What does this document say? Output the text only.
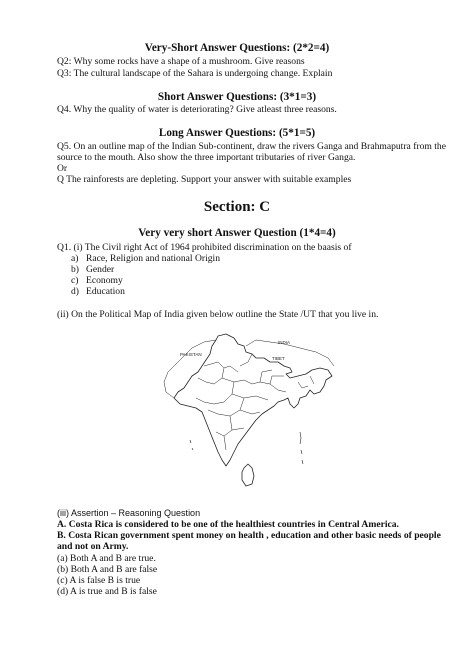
Very-Short Answer Questions: (2*2=4)
Q2: Why some rocks have a shape of a mushroom. Give reasons
Q3: The cultural landscape of the Sahara is undergoing change. Explain
Short Answer Questions: (3*1=3)
Q4. Why the quality of water is deteriorating? Give atleast three reasons.
Long Answer Questions: (5*1=5)
Q5. On an outline map of the Indian Sub-continent, draw the rivers Ganga and Brahmaputra from the
source to the mouth. Also show the three important tributaries of river Ganga.
Or
Q The rainforests are depleting. Support your answer with suitable examples
Section: C
Very very short Answer Question (1*4=4)
Q1. (i) The Civil right Act of 1964 prohibited discrimination on the baasis of
a) Race, Religion and national Origin
b) Gender
c) Economy
d) Education
(ii) On the Political Map of India given below outline the State /UT that you live in.
PAKISTAN
INDIA
TIBET
(iii) Assertion – Reasoning Question
A. Costa Rica is considered to be one of the healthiest countries in Central America.
B. Costa Rican government spent money on health , education and other basic needs of people
and not on Army.
(a) Both A and B are true.
(b) Both A and B are false
(c) A is false B is true
(d) A is true and B is false
